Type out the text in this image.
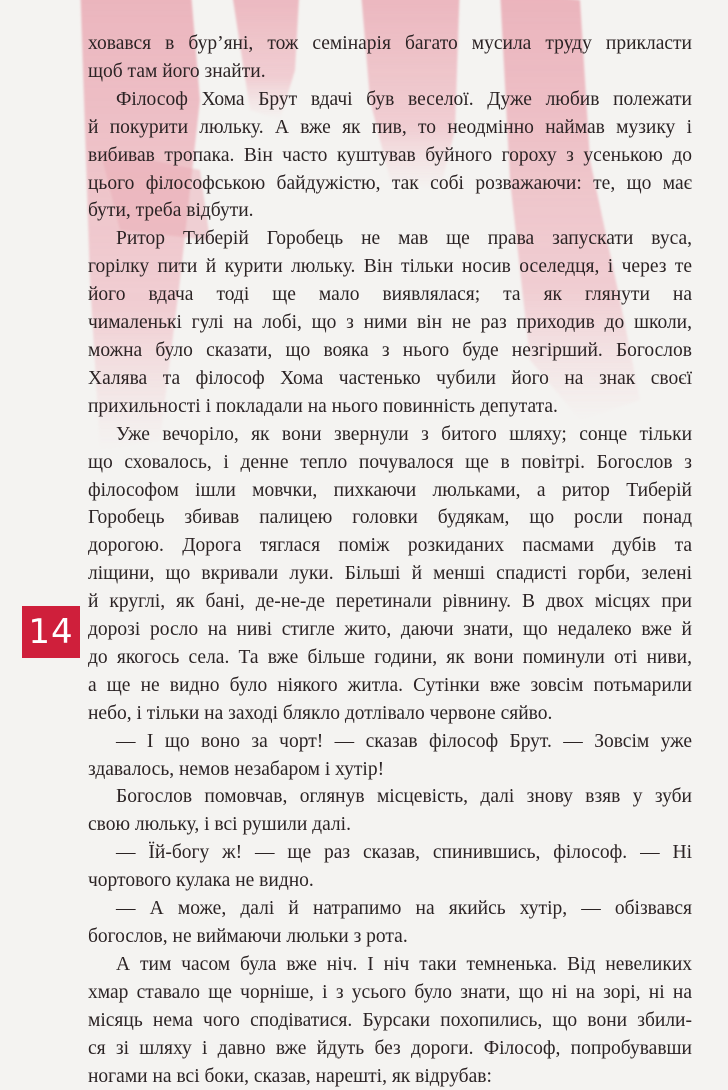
ховався в бур’яні, тож семінарія багато мусила труду прикласти
щоб там його знайти.
Філософ Хома Брут вдачі був веселої. Дуже любив полежати
й покурити люльку. А вже як пив, то неодмінно наймав музику і
вибивав тропака. Він часто куштував буйного гороху з усенькою до
цього філософською байдужістю, так собі розважаючи: те, що має
бути, треба відбути.
Ритор Тиберій Горобець не мав ще права запускати вуса,
горілку пити й курити люльку. Він тільки носив оселедця, і через те
його вдача тоді ще мало виявлялася; та як глянути на
чималенькі гулі на лобі, що з ними він не раз приходив до школи,
можна було сказати, що вояка з нього буде незгірший. Богослов
Халява та філософ Хома частенько чубили його на знак своєї
прихильності і покладали на нього повинність депутата.
Уже вечоріло, як вони звернули з битого шляху; сонце тільки
що сховалось, і денне тепло почувалося ще в повітрі. Богослов з
філософом ішли мовчки, пихкаючи люльками, а ритор Тиберій
Горобець збивав палицею головки будякам, що росли понад
дорогою. Дорога тяглася поміж розкиданих пасмами дубів та
ліщини, що вкривали луки. Більші й менші спадисті горби, зелені
й круглі, як бані, де-не-де перетинали рівнину. В двох місцях при
дорозі росло на ниві стигле жито, даючи знати, що недалеко вже й
до якогось села. Та вже більше години, як вони поминули оті ниви,
а ще не видно було ніякого житла. Сутінки вже зовсім потьмарили
небо, і тільки на заході блякло дотлівало червоне сяйво.
— І що воно за чорт! — сказав філософ Брут. — Зовсім уже
здавалось, немов незабаром і хутір!
Богослов помовчав, оглянув місцевість, далі знову взяв у зуби
свою люльку, і всі рушили далі.
— Їй-богу ж! — ще раз сказав, спинившись, філософ. — Ні
чортового кулака не видно.
— А може, далі й натрапимо на якийсь хутір, — обізвався
богослов, не виймаючи люльки з рота.
А тим часом була вже ніч. І ніч таки темненька. Від невеликих
хмар ставало ще чорніше, і з усього було знати, що ні на зорі, ні на
місяць нема чого сподіватися. Бурсаки похопились, що вони збили-
ся зі шляху і давно вже йдуть без дороги. Філософ, попробувавши
ногами на всі боки, сказав, нарешті, як відрубав:
14
